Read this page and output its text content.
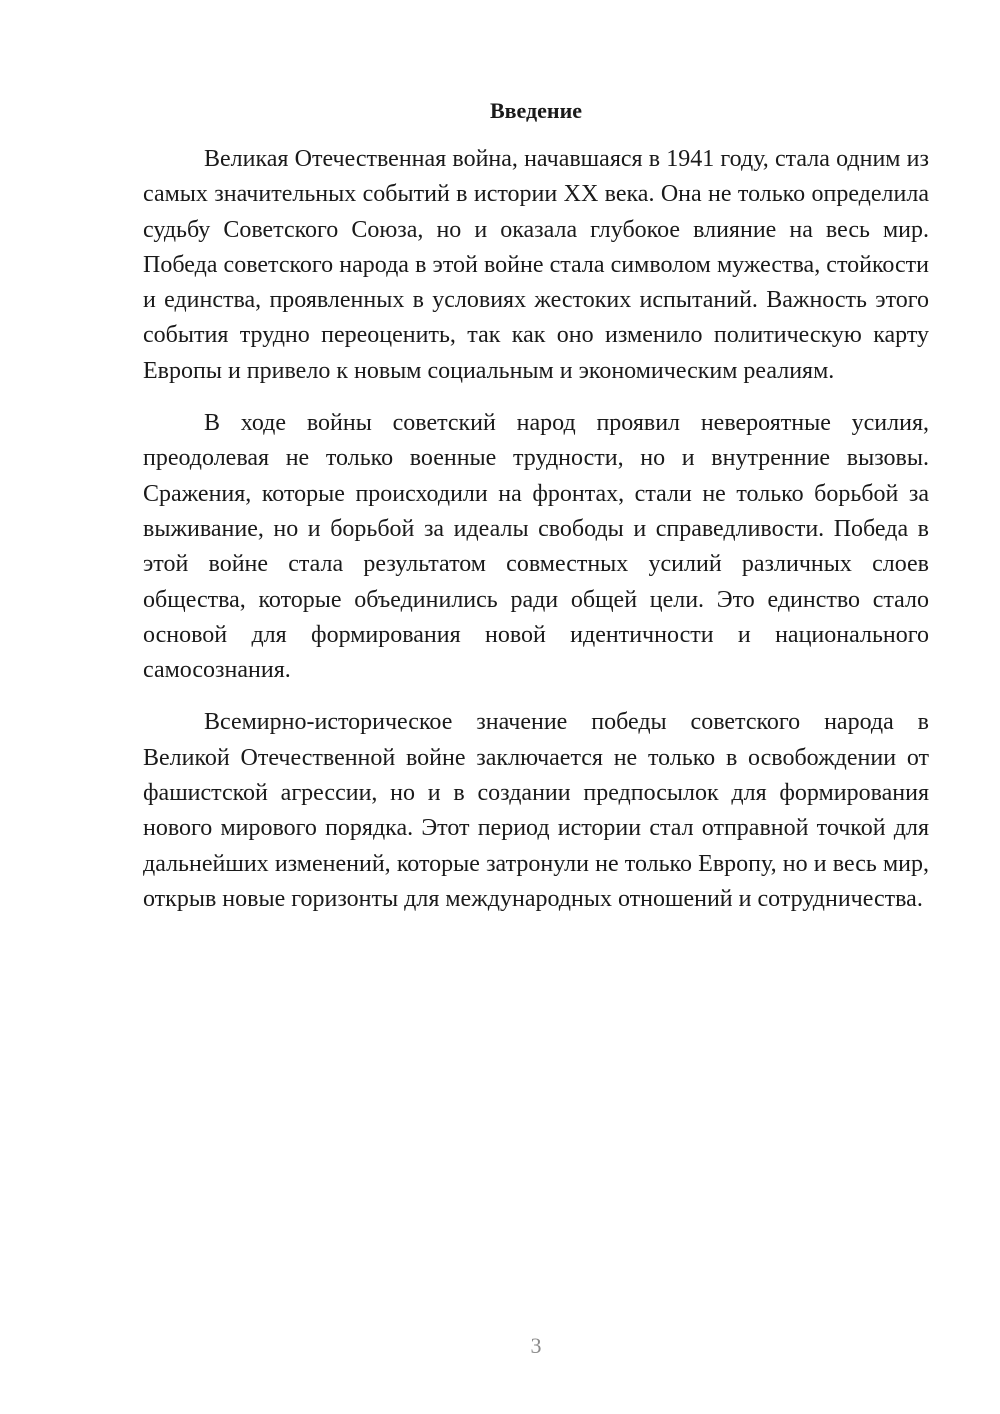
Введение

Великая Отечественная война, начавшаяся в 1941 году, стала одним из самых значительных событий в истории XX века. Она не только определила судьбу Советского Союза, но и оказала глубокое влияние на весь мир. Победа советского народа в этой войне стала символом мужества, стойкости и единства, проявленных в условиях жестоких испытаний. Важность этого события трудно переоценить, так как оно изменило политическую карту Европы и привело к новым социальным и экономическим реалиям.

В ходе войны советский народ проявил невероятные усилия, преодолевая не только военные трудности, но и внутренние вызовы. Сражения, которые происходили на фронтах, стали не только борьбой за выживание, но и борьбой за идеалы свободы и справедливости. Победа в этой войне стала результатом совместных усилий различных слоев общества, которые объединились ради общей цели. Это единство стало основой для формирования новой идентичности и национального самосознания.

Всемирно-историческое значение победы советского народа в Великой Отечественной войне заключается не только в освобождении от фашистской агрессии, но и в создании предпосылок для формирования нового мирового порядка. Этот период истории стал отправной точкой для дальнейших изменений, которые затронули не только Европу, но и весь мир, открыв новые горизонты для международных отношений и сотрудничества.

3
